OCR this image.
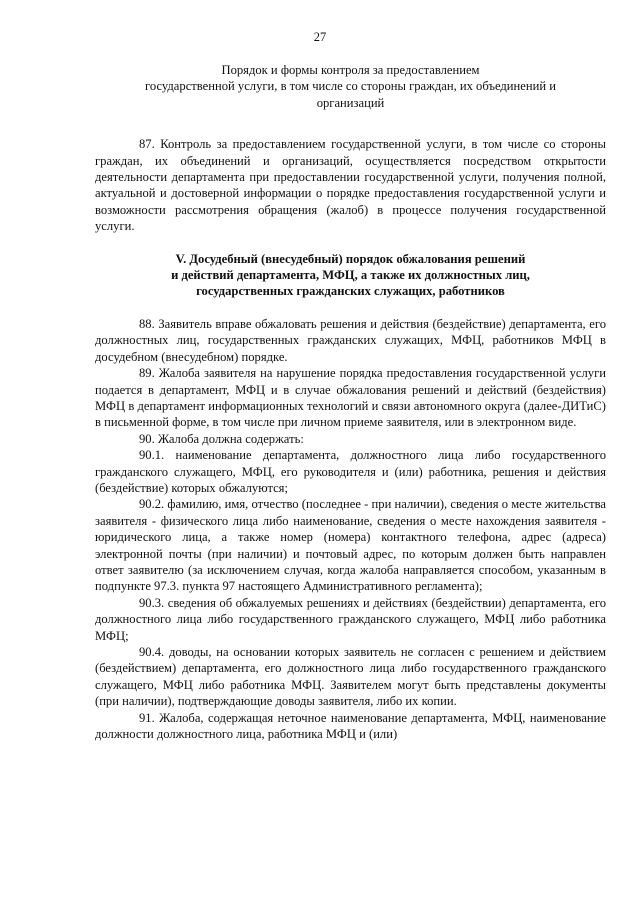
27
Порядок и формы контроля за предоставлением
государственной услуги, в том числе со стороны граждан, их объединений и
организаций

87. Контроль за предоставлением государственной услуги, в том числе со стороны граждан, их объединений и организаций, осуществляется посредством открытости деятельности департамента при предоставлении государственной услуги, получения полной, актуальной и достоверной информации о порядке предоставления государственной услуги и возможности рассмотрения обращения (жалоб) в процессе получения государственной услуги.

V. Досудебный (внесудебный) порядок обжалования решений
и действий департамента, МФЦ, а также их должностных лиц,
государственных гражданских служащих, работников

88. Заявитель вправе обжаловать решения и действия (бездействие) департамента, его должностных лиц, государственных гражданских служащих, МФЦ, работников МФЦ в досудебном (внесудебном) порядке.

89. Жалоба заявителя на нарушение порядка предоставления государственной услуги подается в департамент, МФЦ и в случае обжалования решений и действий (бездействия) МФЦ в департамент информационных технологий и связи автономного округа (далее-ДИТиС) в письменной форме, в том числе при личном приеме заявителя, или в электронном виде.

90. Жалоба должна содержать:

90.1. наименование департамента, должностного лица либо государственного гражданского служащего, МФЦ, его руководителя и (или) работника, решения и действия (бездействие) которых обжалуются;

90.2. фамилию, имя, отчество (последнее - при наличии), сведения о месте жительства заявителя - физического лица либо наименование, сведения о месте нахождения заявителя - юридического лица, а также номер (номера) контактного телефона, адрес (адреса) электронной почты (при наличии) и почтовый адрес, по которым должен быть направлен ответ заявителю (за исключением случая, когда жалоба направляется способом, указанным в подпункте 97.3. пункта 97 настоящего Административного регламента);

90.3. сведения об обжалуемых решениях и действиях (бездействии) департамента, его должностного лица либо государственного гражданского служащего, МФЦ либо работника МФЦ;

90.4. доводы, на основании которых заявитель не согласен с решением и действием (бездействием) департамента, его должностного лица либо государственного гражданского служащего, МФЦ либо работника МФЦ. Заявителем могут быть представлены документы (при наличии), подтверждающие доводы заявителя, либо их копии.

91. Жалоба, содержащая неточное наименование департамента, МФЦ, наименование должности должностного лица, работника МФЦ и (или)
